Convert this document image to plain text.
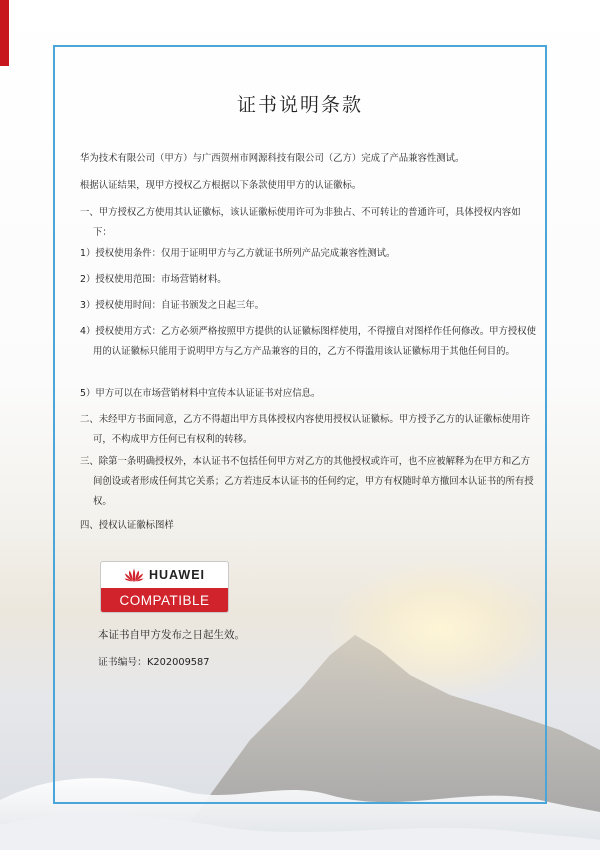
证书说明条款

华为技术有限公司（甲方）与广西贺州市网源科技有限公司（乙方）完成了产品兼容性测试。

根据认证结果，现甲方授权乙方根据以下条款使用甲方的认证徽标。

一、甲方授权乙方使用其认证徽标，该认证徽标使用许可为非独占、不可转让的普通许可，具体授权内容如下：

1）授权使用条件：仅用于证明甲方与乙方就证书所列产品完成兼容性测试。

2）授权使用范围：市场营销材料。

3）授权使用时间：自证书颁发之日起三年。

4）授权使用方式：乙方必须严格按照甲方提供的认证徽标图样使用，不得擅自对图样作任何修改。甲方授权使用的认证徽标只能用于说明甲方与乙方产品兼容的目的，乙方不得滥用该认证徽标用于其他任何目的。

5）甲方可以在市场营销材料中宣传本认证证书对应信息。

二、未经甲方书面同意，乙方不得超出甲方具体授权内容使用授权认证徽标。甲方授予乙方的认证徽标使用许可，不构成甲方任何已有权利的转移。

三、除第一条明确授权外，本认证书不包括任何甲方对乙方的其他授权或许可，也不应被解释为在甲方和乙方间创设或者形成任何其它关系；乙方若违反本认证书的任何约定，甲方有权随时单方撤回本认证书的所有授权。

四、授权认证徽标图样

HUAWEI
COMPATIBLE

本证书自甲方发布之日起生效。

证书编号：K202009587
